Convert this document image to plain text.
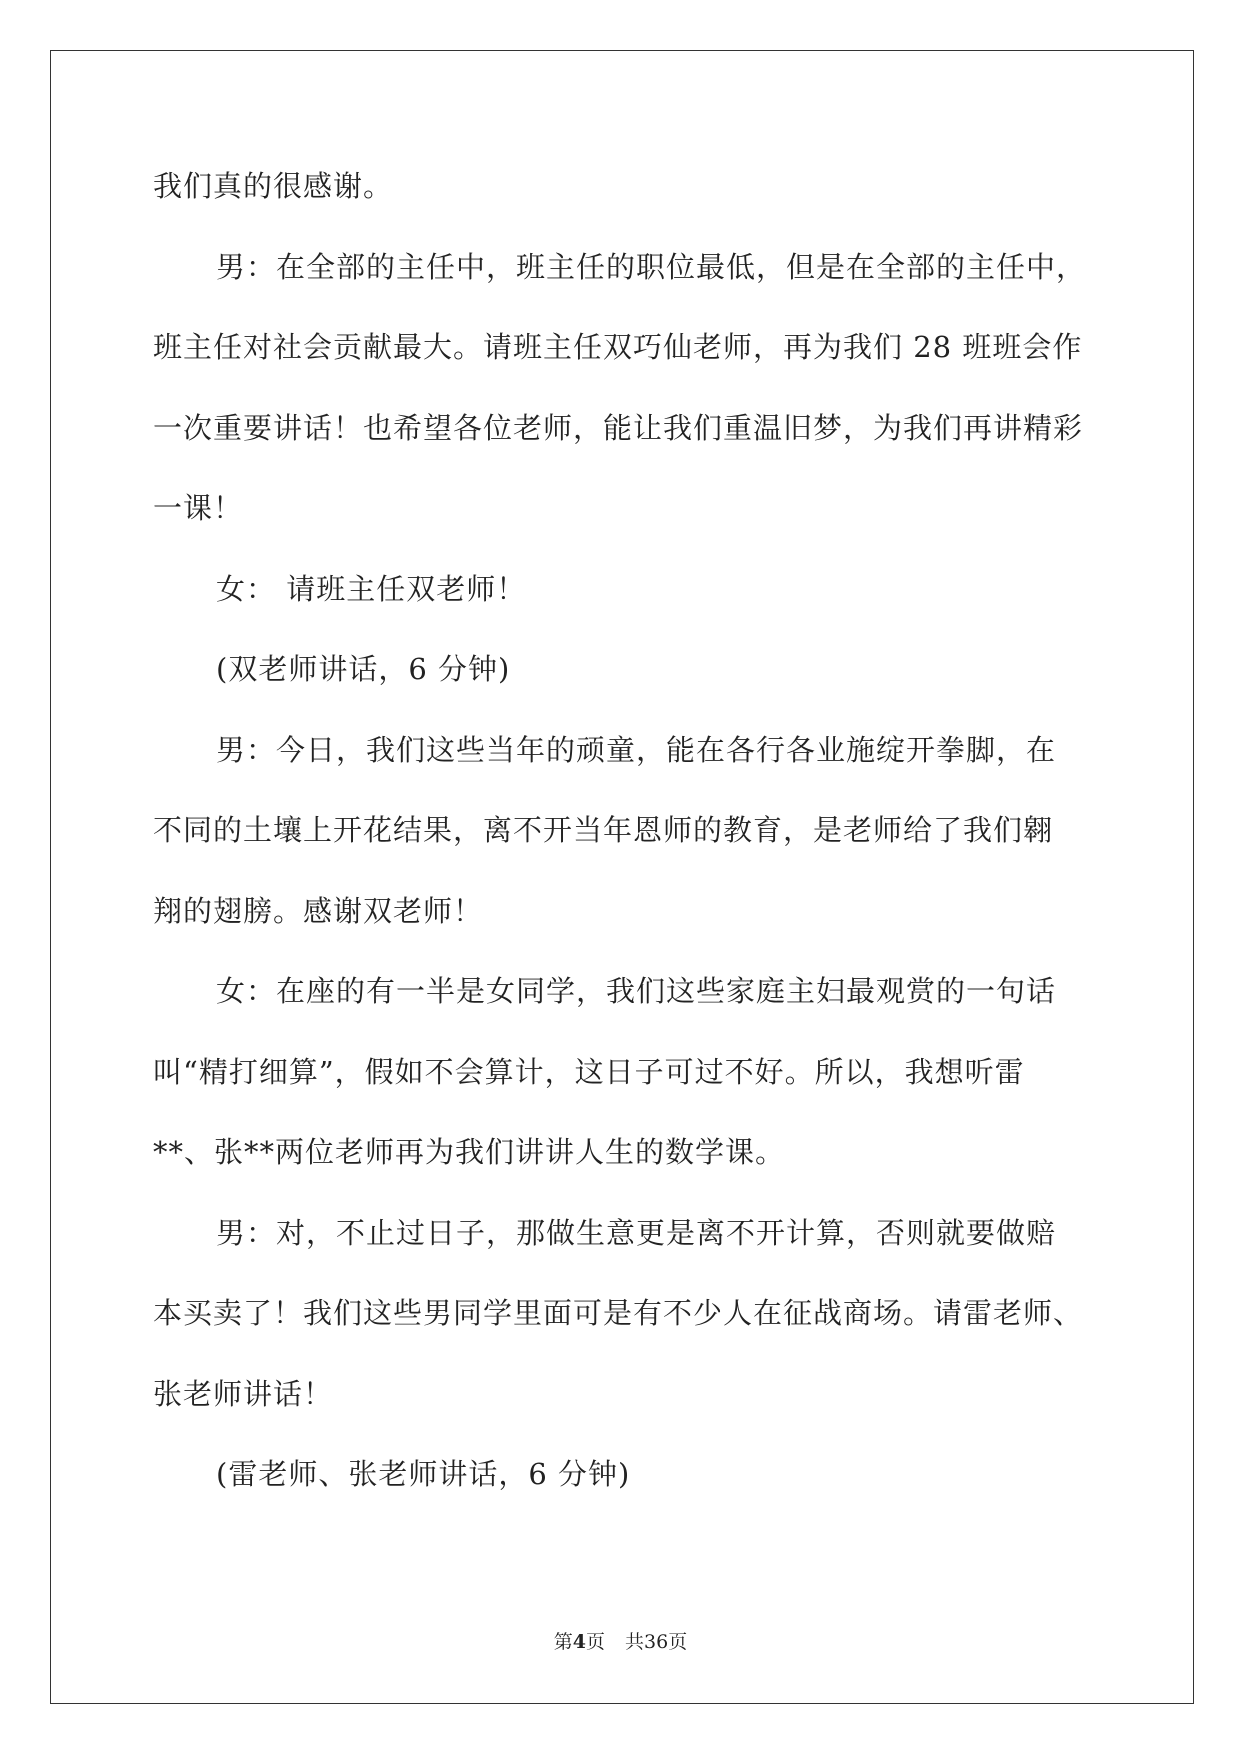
我们真的很感谢。
男：在全部的主任中，班主任的职位最低，但是在全部的主任中，
班主任对社会贡献最大。请班主任双巧仙老师，再为我们 28 班班会作
一次重要讲话！也希望各位老师，能让我们重温旧梦，为我们再讲精彩
一课！
女： 请班主任双老师！
(双老师讲话，6 分钟)
男：今日，我们这些当年的顽童，能在各行各业施绽开拳脚，在
不同的土壤上开花结果，离不开当年恩师的教育，是老师给了我们翱
翔的翅膀。感谢双老师！
女：在座的有一半是女同学，我们这些家庭主妇最观赏的一句话
叫“精打细算”，假如不会算计，这日子可过不好。所以，我想听雷
**、张**两位老师再为我们讲讲人生的数学课。
男：对，不止过日子，那做生意更是离不开计算，否则就要做赔
本买卖了！我们这些男同学里面可是有不少人在征战商场。请雷老师、
张老师讲话！
(雷老师、张老师讲话，6 分钟)
第4页 共36页
